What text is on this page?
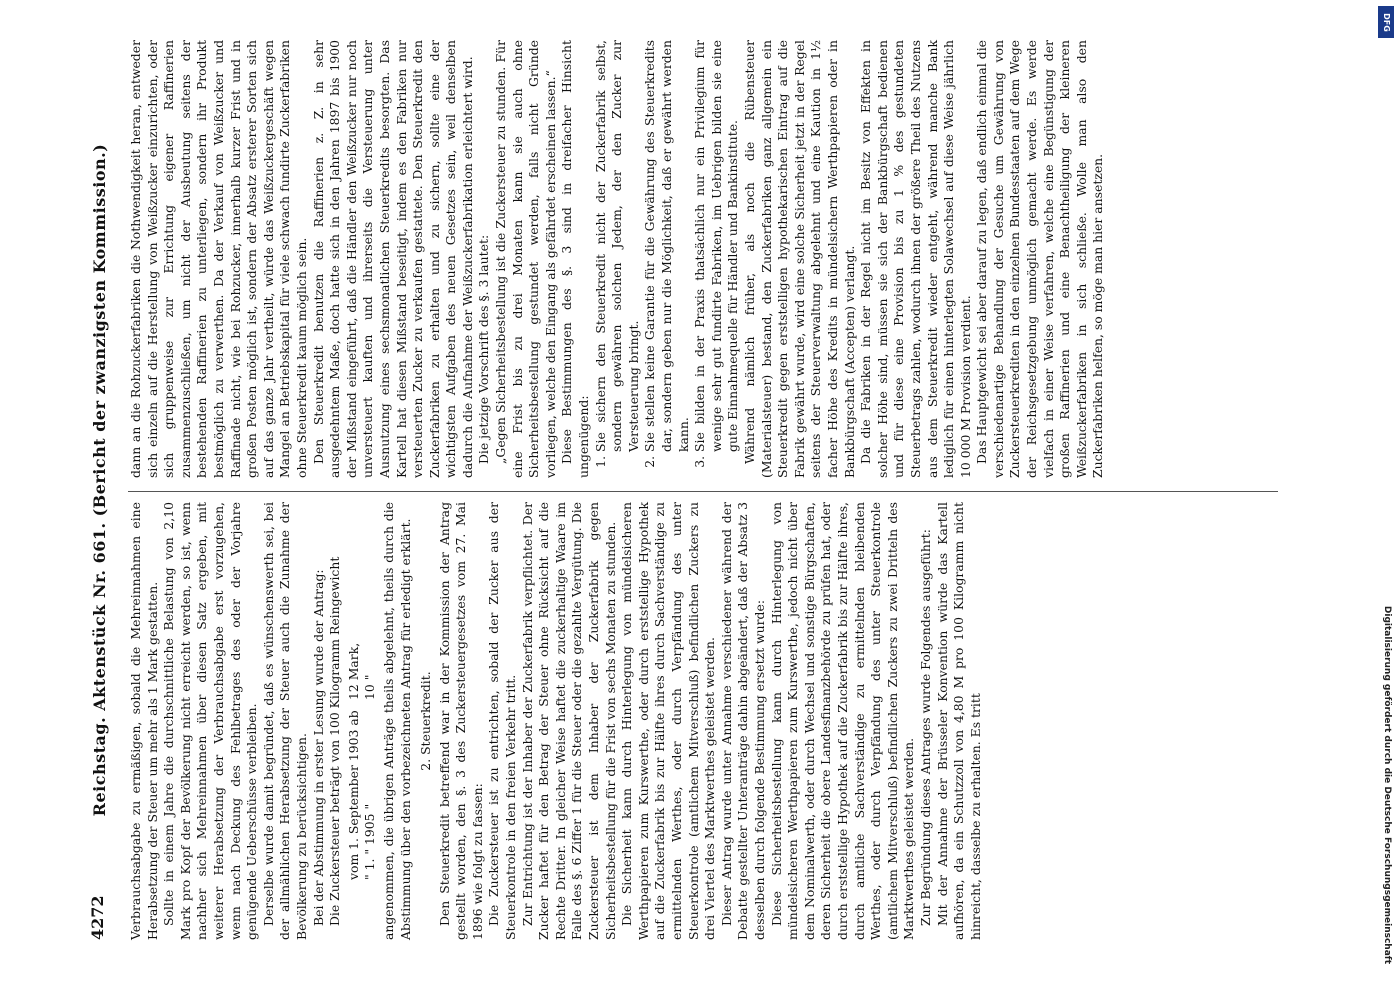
4272
Reichstag. Aktenstück Nr. 661. (Bericht der zwanzigsten Kommission.) Verbrauchsabgabe zu ermäßigen, sobald die Mehreinnahmen eine Herabsetzung der Steuer um mehr als 1 Mark gestatten. Sollte in einem Jahre die durchschnittliche Belastung von 2,10 Mark pro Kopf der Bevölkerung nicht erreicht werden, so ist, wenn nachher sich Mehreinnahmen über diesen Satz ergeben, mit weiterer Herabsetzung der Verbrauchsabgabe erst vorzugehen, wenn nach Deckung des Fehlbetrages des oder der Vorjahre genügende Ueberschüsse verbleiben. Derselbe wurde damit begründet, daß es wünschenswerth sei, bei der allmählichen Herabsetzung der Steuer auch die Zunahme der Bevölkerung zu berücksichtigen. Bei der Abstimmung in erster Lesung wurde der Antrag: Die Zuckersteuer beträgt von 100 Kilogramm Reingewicht vom 1. September 1903 ab
12 Mark,
" 1. " 1905 "
10 " angenommen, die übrigen Anträge theils abgelehnt, theils durch die Abstimmung über den vorbezeichneten Antrag für erledigt erklärt. 2. Steuerkredit. Den Steuerkredit betreffend war in der Kommission der Antrag gestellt worden, den §. 3 des Zuckersteuergesetzes vom 27. Mai 1896 wie folgt zu fassen: Die Zuckersteuer ist zu entrichten, sobald der Zucker aus der Steuerkontrole in den freien Verkehr tritt. Zur Entrichtung ist der Inhaber der Zuckerfabrik verpflichtet. Der Zucker haftet für den Betrag der Steuer ohne Rücksicht auf die Rechte Dritter. In gleicher Weise haftet die zuckerhaltige Waare im Falle des §. 6 Ziffer 1 für die Steuer oder die gezahlte Vergütung. Die Zuckersteuer ist dem Inhaber der Zuckerfabrik gegen Sicherheitsbestellung für die Frist von sechs Monaten zu stunden. Die Sicherheit kann durch Hinterlegung von mündelsicheren Werthpapieren zum Kurswerthe, oder durch erststellige Hypothek auf die Zuckerfabrik bis zur Hälfte ihres durch Sachverständige zu ermittelnden Werthes, oder durch Verpfändung des unter Steuerkontrole (amtlichem Mitverschluß) befindlichen Zuckers zu drei Viertel des Marktwerthes geleistet werden. Dieser Antrag wurde unter Annahme verschiedener während der Debatte gestellter Unteranträge dahin abgeändert, daß der Absatz 3 desselben durch folgende Bestimmung ersetzt wurde: Diese Sicherheitsbestellung kann durch Hinterlegung von mündelsicheren Werthpapieren zum Kurswerthe, jedoch nicht über dem Nominalwerth, oder durch Wechsel und sonstige Bürgschaften, deren Sicherheit die obere Landesfinanzbehörde zu prüfen hat, oder durch erststellige Hypothek auf die Zuckerfabrik bis zur Hälfte ihres, durch amtliche Sachverständige zu ermittelnden bleibenden Werthes, oder durch Verpfändung des unter Steuerkontrole (amtlichem Mitverschluß) befindlichen Zuckers zu zwei Dritteln des Marktwerthes geleistet werden. Zur Begründung dieses Antrages wurde Folgendes ausgeführt: Mit der Annahme der Brüsseler Konvention würde das Kartell aufhören, da ein Schutzzoll von 4,80 M pro 100 Kilogramm nicht hinreicht, dasselbe zu erhalten. Es tritt

dann an die Rohzuckerfabriken die Nothwendigkeit heran, entweder sich einzeln auf die Herstellung von Weißzucker einzurichten, oder sich gruppenweise zur Errichtung eigener Raffinerien zusammenzuschließen, um nicht der Ausbeutung seitens der bestehenden Raffinerien zu unterliegen, sondern ihr Produkt bestmöglich zu verwerthen. Da der Verkauf von Weißzucker und Raffinade nicht, wie bei Rohzucker, innerhalb kurzer Frist und in großen Posten möglich ist, sondern der Absatz ersterer Sorten sich auf das ganze Jahr vertheilt, würde das Weißzuckergeschäft wegen Mangel an Betriebskapital für viele schwach fundirte Zuckerfabriken ohne Steuerkredit kaum möglich sein. Den Steuerkredit benutzen die Raffinerien z. Z. in sehr ausgedehntem Maße, doch hatte sich in den Jahren 1897 bis 1900 der Mißstand eingeführt, daß die Händler den Weißzucker nur noch unversteuert kauften und ihrerseits die Versteuerung unter Ausnutzung eines sechsmonatlichen Steuerkredits besorgten. Das Kartell hat diesen Mißstand beseitigt, indem es den Fabriken nur versteuerten Zucker zu verkaufen gestattete. Den Steuerkredit den Zuckerfabriken zu erhalten und zu sichern, sollte eine der wichtigsten Aufgaben des neuen Gesetzes sein, weil denselben dadurch die Aufnahme der Weißzuckerfabrikation erleichtert wird. Die jetzige Vorschrift des §. 3 lautet: „Gegen Sicherheitsbestellung ist die Zuckersteuer zu stunden. Für eine Frist bis zu drei Monaten kann sie auch ohne Sicherheitsbestellung gestundet werden, falls nicht Gründe vorliegen, welche den Eingang als gefährdet erscheinen lassen.“ Diese Bestimmungen des §. 3 sind in dreifacher Hinsicht ungenügend: 1. Sie sichern den Steuerkredit nicht der Zuckerfabrik selbst, sondern gewähren solchen Jedem, der den Zucker zur Versteuerung bringt. 2. Sie stellen keine Garantie für die Gewährung des Steuerkredits dar, sondern geben nur die Möglichkeit, daß er gewährt werden kann. 3. Sie bilden in der Praxis thatsächlich nur ein Privilegium für wenige sehr gut fundirte Fabriken, im Uebrigen bilden sie eine gute Einnahmequelle für Händler und Bankinstitute. Während nämlich früher, als noch die Rübensteuer (Materialsteuer) bestand, den Zuckerfabriken ganz allgemein ein Steuerkredit gegen erststelligen hypothekarischen Eintrag auf die Fabrik gewährt wurde, wird eine solche Sicherheit jetzt in der Regel seitens der Steuerverwaltung abgelehnt und eine Kaution in 1½ facher Höhe des Kredits in mündelsichern Werthpapieren oder in Bankbürgschaft (Accepten) verlangt. Da die Fabriken in der Regel nicht im Besitz von Effekten in solcher Höhe sind, müssen sie sich der Bankbürgschaft bedienen und für diese eine Provision bis zu 1 % des gestundeten Steuerbetrags zahlen, wodurch ihnen der größere Theil des Nutzens aus dem Steuerkredit wieder entgeht, während manche Bank lediglich für einen hinterlegten Solawechsel auf diese Weise jährlich 10 000 M Provision verdient. Das Hauptgewicht sei aber darauf zu legen, daß endlich einmal die verschiedenartige Behandlung der Gesuche um Gewährung von Zuckersteuerkrediten in den einzelnen Bundesstaaten auf dem Wege der Reichsgesetzgebung unmöglich gemacht werde. Es werde vielfach in einer Weise verfahren, welche eine Begünstigung der großen Raffinerien und eine Benachtheiligung der kleineren Weißzuckerfabriken in sich schließe. Wolle man also den Zuckerfabriken helfen, so möge man hier ansetzen.

Digitalisierung gefördert durch die Deutsche Forschungsgemeinschaft
DFG
